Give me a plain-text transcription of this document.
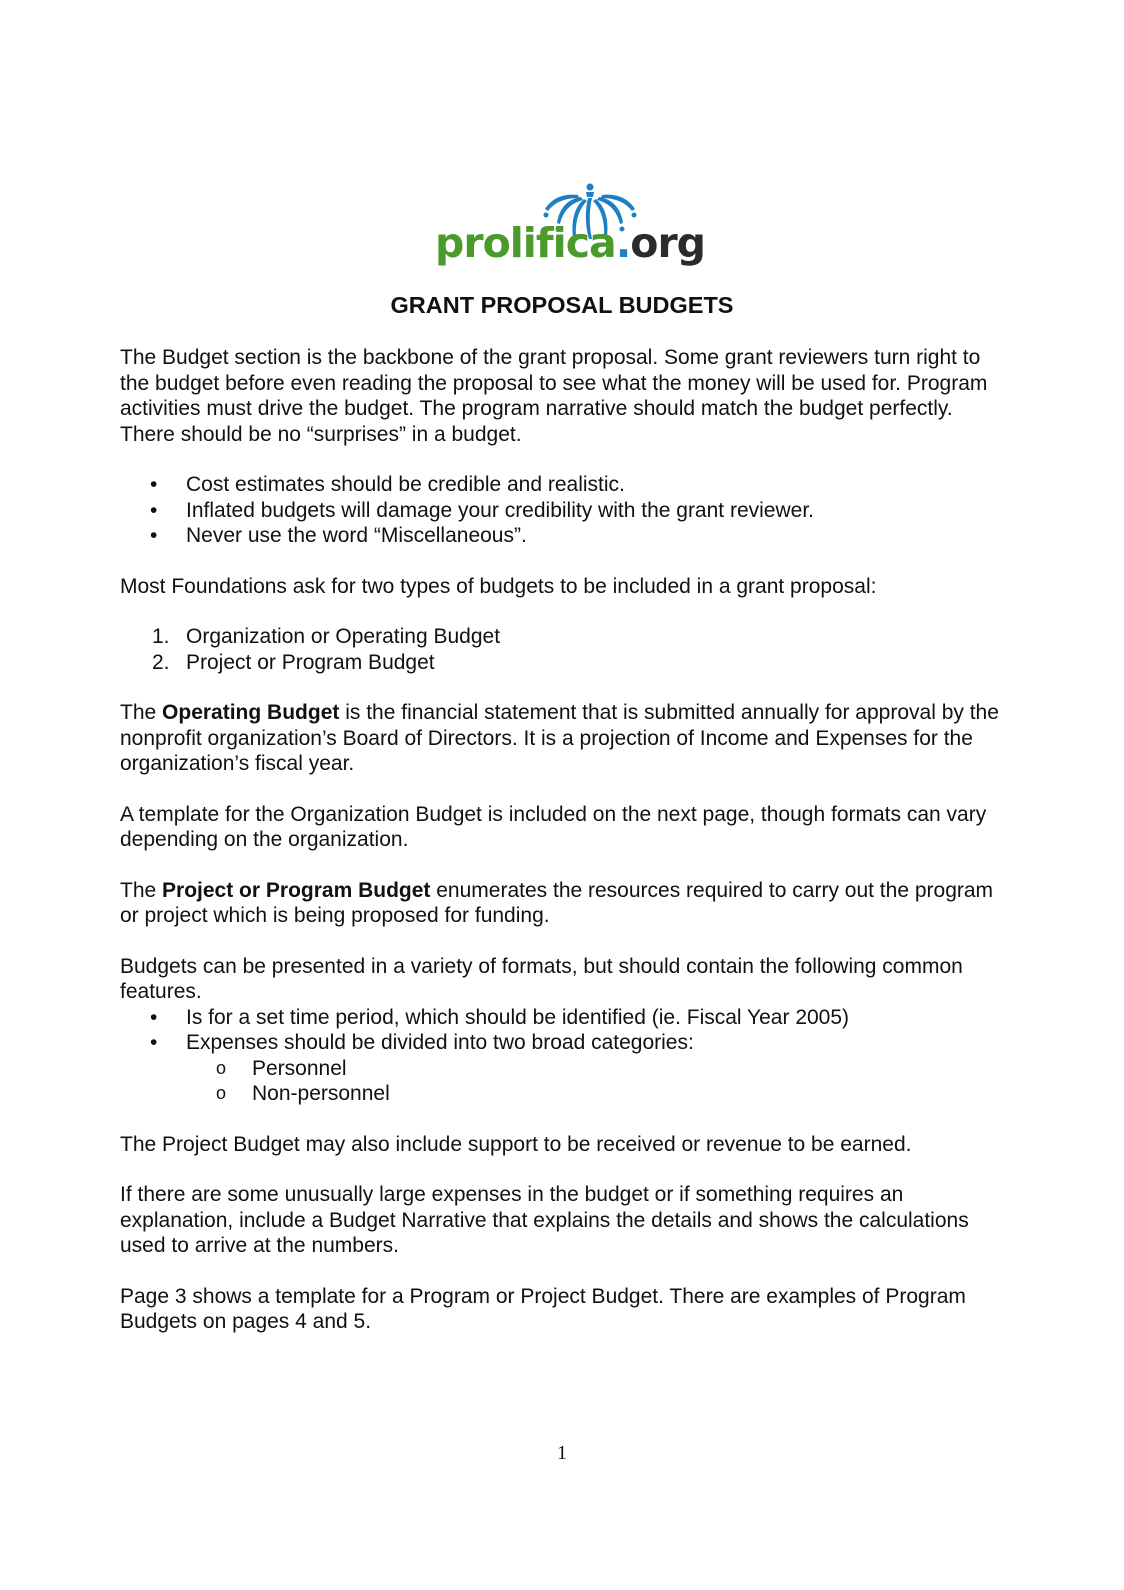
prolifica.org
GRANT PROPOSAL BUDGETS

The Budget section is the backbone of the grant proposal. Some grant reviewers turn right to the budget before even reading the proposal to see what the money will be used for. Program activities must drive the budget. The program narrative should match the budget perfectly. There should be no “surprises” in a budget.

• Cost estimates should be credible and realistic.
• Inflated budgets will damage your credibility with the grant reviewer.
• Never use the word “Miscellaneous”.

Most Foundations ask for two types of budgets to be included in a grant proposal:

1. Organization or Operating Budget
2. Project or Program Budget

The Operating Budget is the financial statement that is submitted annually for approval by the nonprofit organization’s Board of Directors. It is a projection of Income and Expenses for the organization’s fiscal year.

A template for the Organization Budget is included on the next page, though formats can vary depending on the organization.

The Project or Program Budget enumerates the resources required to carry out the program or project which is being proposed for funding.

Budgets can be presented in a variety of formats, but should contain the following common features.

• Is for a set time period, which should be identified (ie. Fiscal Year 2005)
• Expenses should be divided into two broad categories:
o Personnel
o Non-personnel

The Project Budget may also include support to be received or revenue to be earned.

If there are some unusually large expenses in the budget or if something requires an explanation, include a Budget Narrative that explains the details and shows the calculations used to arrive at the numbers.

Page 3 shows a template for a Program or Project Budget. There are examples of Program Budgets on pages 4 and 5.

1
